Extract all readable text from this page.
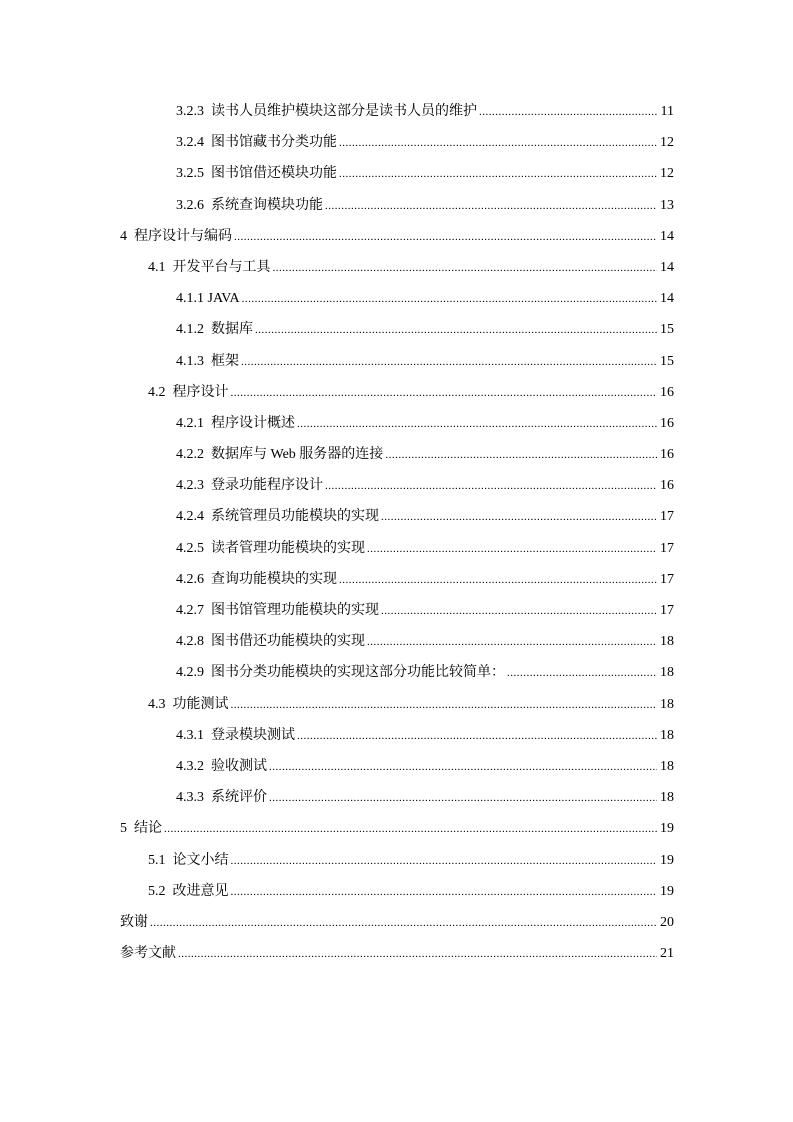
3.2.3 读书人员维护模块这部分是读书人员的维护 .....	11
3.2.4 图书馆藏书分类功能 .....	12
3.2.5 图书馆借还模块功能 .....	12
3.2.6 系统查询模块功能 .....	13
4 程序设计与编码 .....	14
4.1 开发平台与工具 .....	14
4.1.1 JAVA .....	14
4.1.2 数据库 .....	15
4.1.3 框架 .....	15
4.2 程序设计 .....	16
4.2.1 程序设计概述 .....	16
4.2.2 数据库与 Web 服务器的连接 .....	16
4.2.3 登录功能程序设计 .....	16
4.2.4 系统管理员功能模块的实现 .....	17
4.2.5 读者管理功能模块的实现 .....	17
4.2.6 查询功能模块的实现 .....	17
4.2.7 图书馆管理功能模块的实现 .....	17
4.2.8 图书借还功能模块的实现 .....	18
4.2.9 图书分类功能模块的实现这部分功能比较简单： .....	18
4.3 功能测试 .....	18
4.3.1 登录模块测试 .....	18
4.3.2 验收测试 .....	18
4.3.3 系统评价 .....	18
5 结论 .....	19
5.1 论文小结 .....	19
5.2 改进意见 .....	19
致谢 .....	20
参考文献 .....	21
